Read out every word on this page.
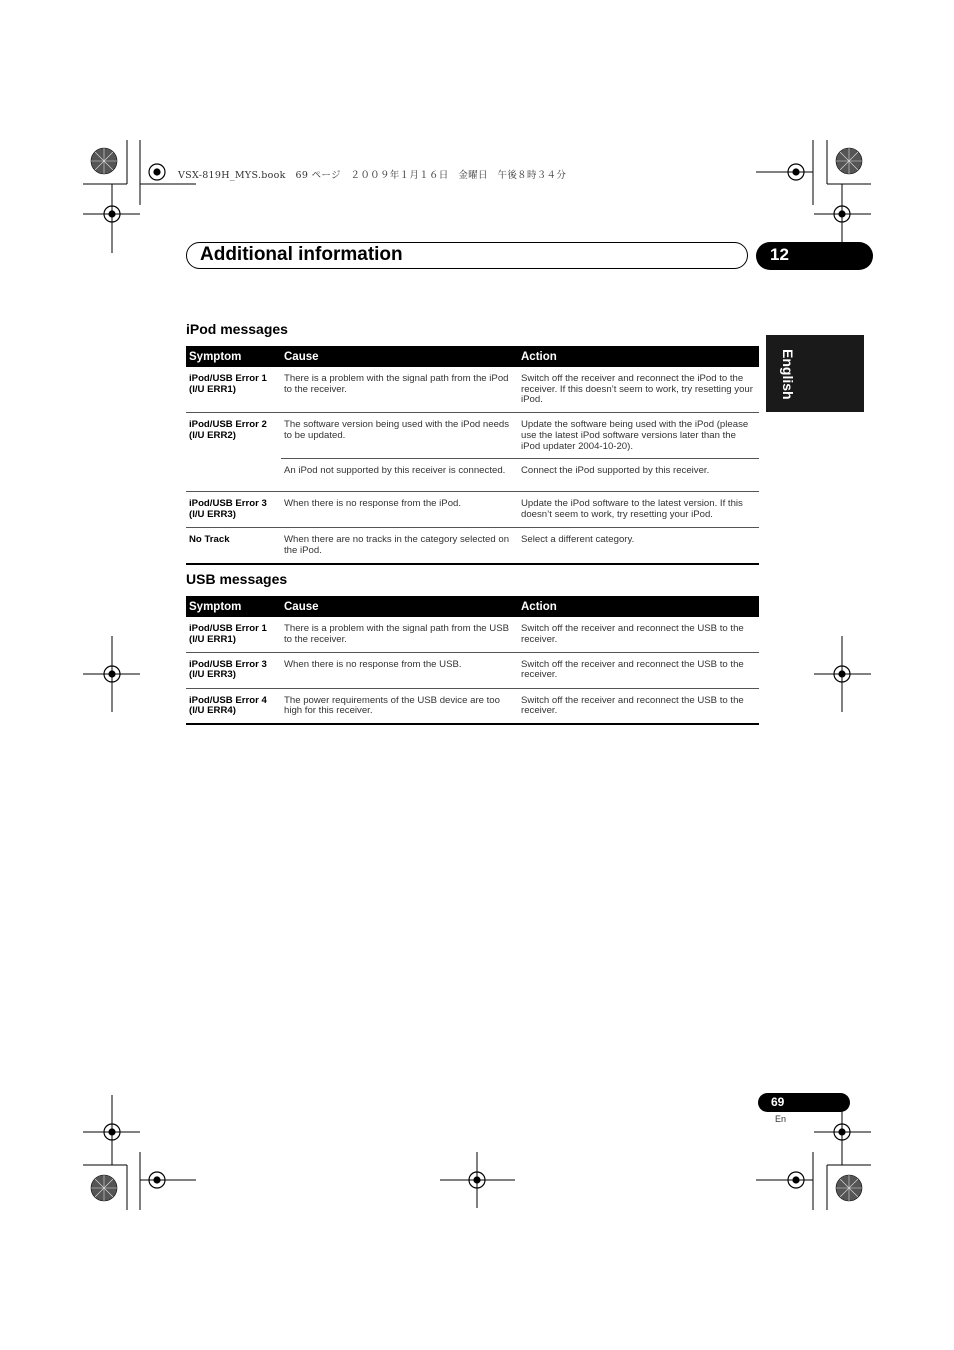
VSX-819H_MYS.book　69 ページ　２００９年１月１６日　金曜日　午後８時３４分
Additional information	12
English
iPod messages
Symptom	Cause	Action
iPod/USB Error 1
(I/U ERR1)	There is a problem with the signal path from the iPod to the receiver.	Switch off the receiver and reconnect the iPod to the receiver. If this doesn’t seem to work, try resetting your iPod.
iPod/USB Error 2
(I/U ERR2)	The software version being used with the iPod needs to be updated.	Update the software being used with the iPod (please use the latest iPod software versions later than the iPod updater 2004-10-20).
	An iPod not supported by this receiver is connected.	Connect the iPod supported by this receiver.
iPod/USB Error 3
(I/U ERR3)	When there is no response from the iPod.	Update the iPod software to the latest version. If this doesn’t seem to work, try resetting your iPod.
No Track	When there are no tracks in the category selected on the iPod.	Select a different category.
USB messages
Symptom	Cause	Action
iPod/USB Error 1
(I/U ERR1)	There is a problem with the signal path from the USB to the receiver.	Switch off the receiver and reconnect the USB to the receiver.
iPod/USB Error 3
(I/U ERR3)	When there is no response from the USB.	Switch off the receiver and reconnect the USB to the receiver.
iPod/USB Error 4
(I/U ERR4)	The power requirements of the USB device are too high for this receiver.	Switch off the receiver and reconnect the USB to the receiver.
69
En
